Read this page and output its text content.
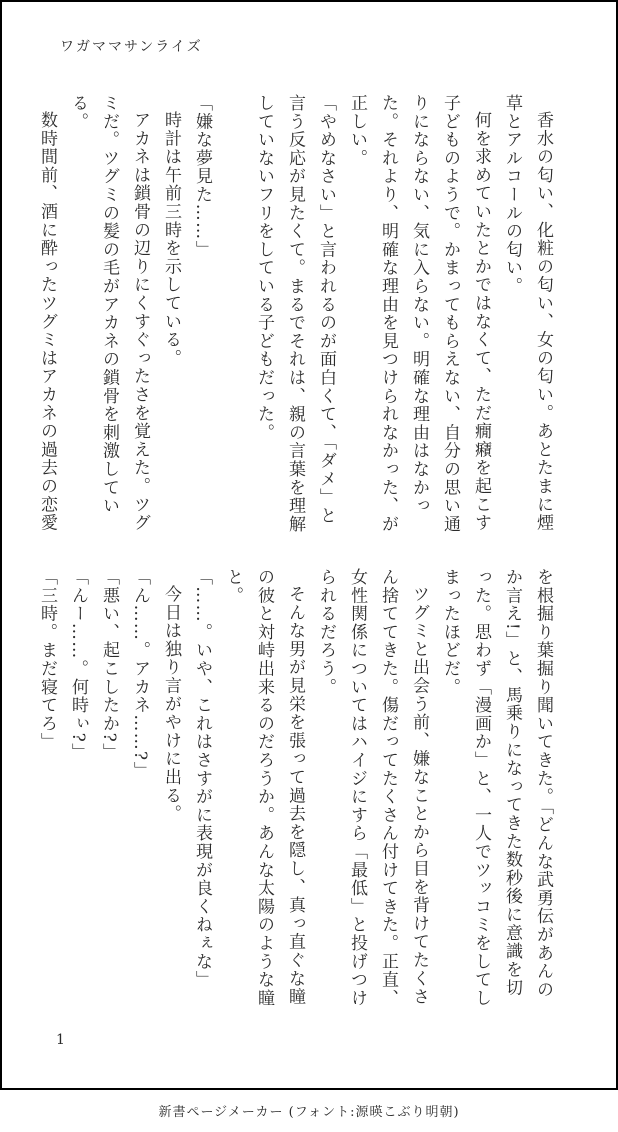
ワガママサンライズ

香水の匂い、化粧の匂い、女の匂い。あとたまに煙草とアルコールの匂い。

何を求めていたとかではなくて、ただ癇癪を起こす子どものようで。かまってもらえない、自分の思い通りにならない、気に入らない。明確な理由はなかった。それより、明確な理由を見つけられなかった、が正しい。

「やめなさい」と言われるのが面白くて、「ダメ」と言う反応が見たくて。まるでそれは、親の言葉を理解していないフリをしている子どもだった。

「嫌な夢見た……」

時計は午前三時を示している。

アカネは鎖骨の辺りにくすぐったさを覚えた。ツグミだ。ツグミの髪の毛がアカネの鎖骨を刺激している。

数時間前、酒に酔ったツグミはアカネの過去の恋愛

を根掘り葉掘り聞いてきた。「どんな武勇伝があんのか言え!」と、馬乗りになってきた数秒後に意識を切った。思わず「漫画か」と、一人でツッコミをしてしまったほどだ。

ツグミと出会う前、嫌なことから目を背けてたくさん捨ててきた。傷だってたくさん付けてきた。正直、女性関係についてはハイジにすら「最低」と投げつけられるだろう。

そんな男が見栄を張って過去を隠し、真っ直ぐな瞳の彼と対峙出来るのだろうか。あんな太陽のような瞳と。

「……。いや、これはさすがに表現が良くねぇな」

今日は独り言がやけに出る。

「ん……。アカネ……?」

「悪い、起こしたか?」

「んー……。何時ぃ?」

「三時。まだ寝てろ」

1
新書ページメーカー (フォント:源暎こぶり明朝)
